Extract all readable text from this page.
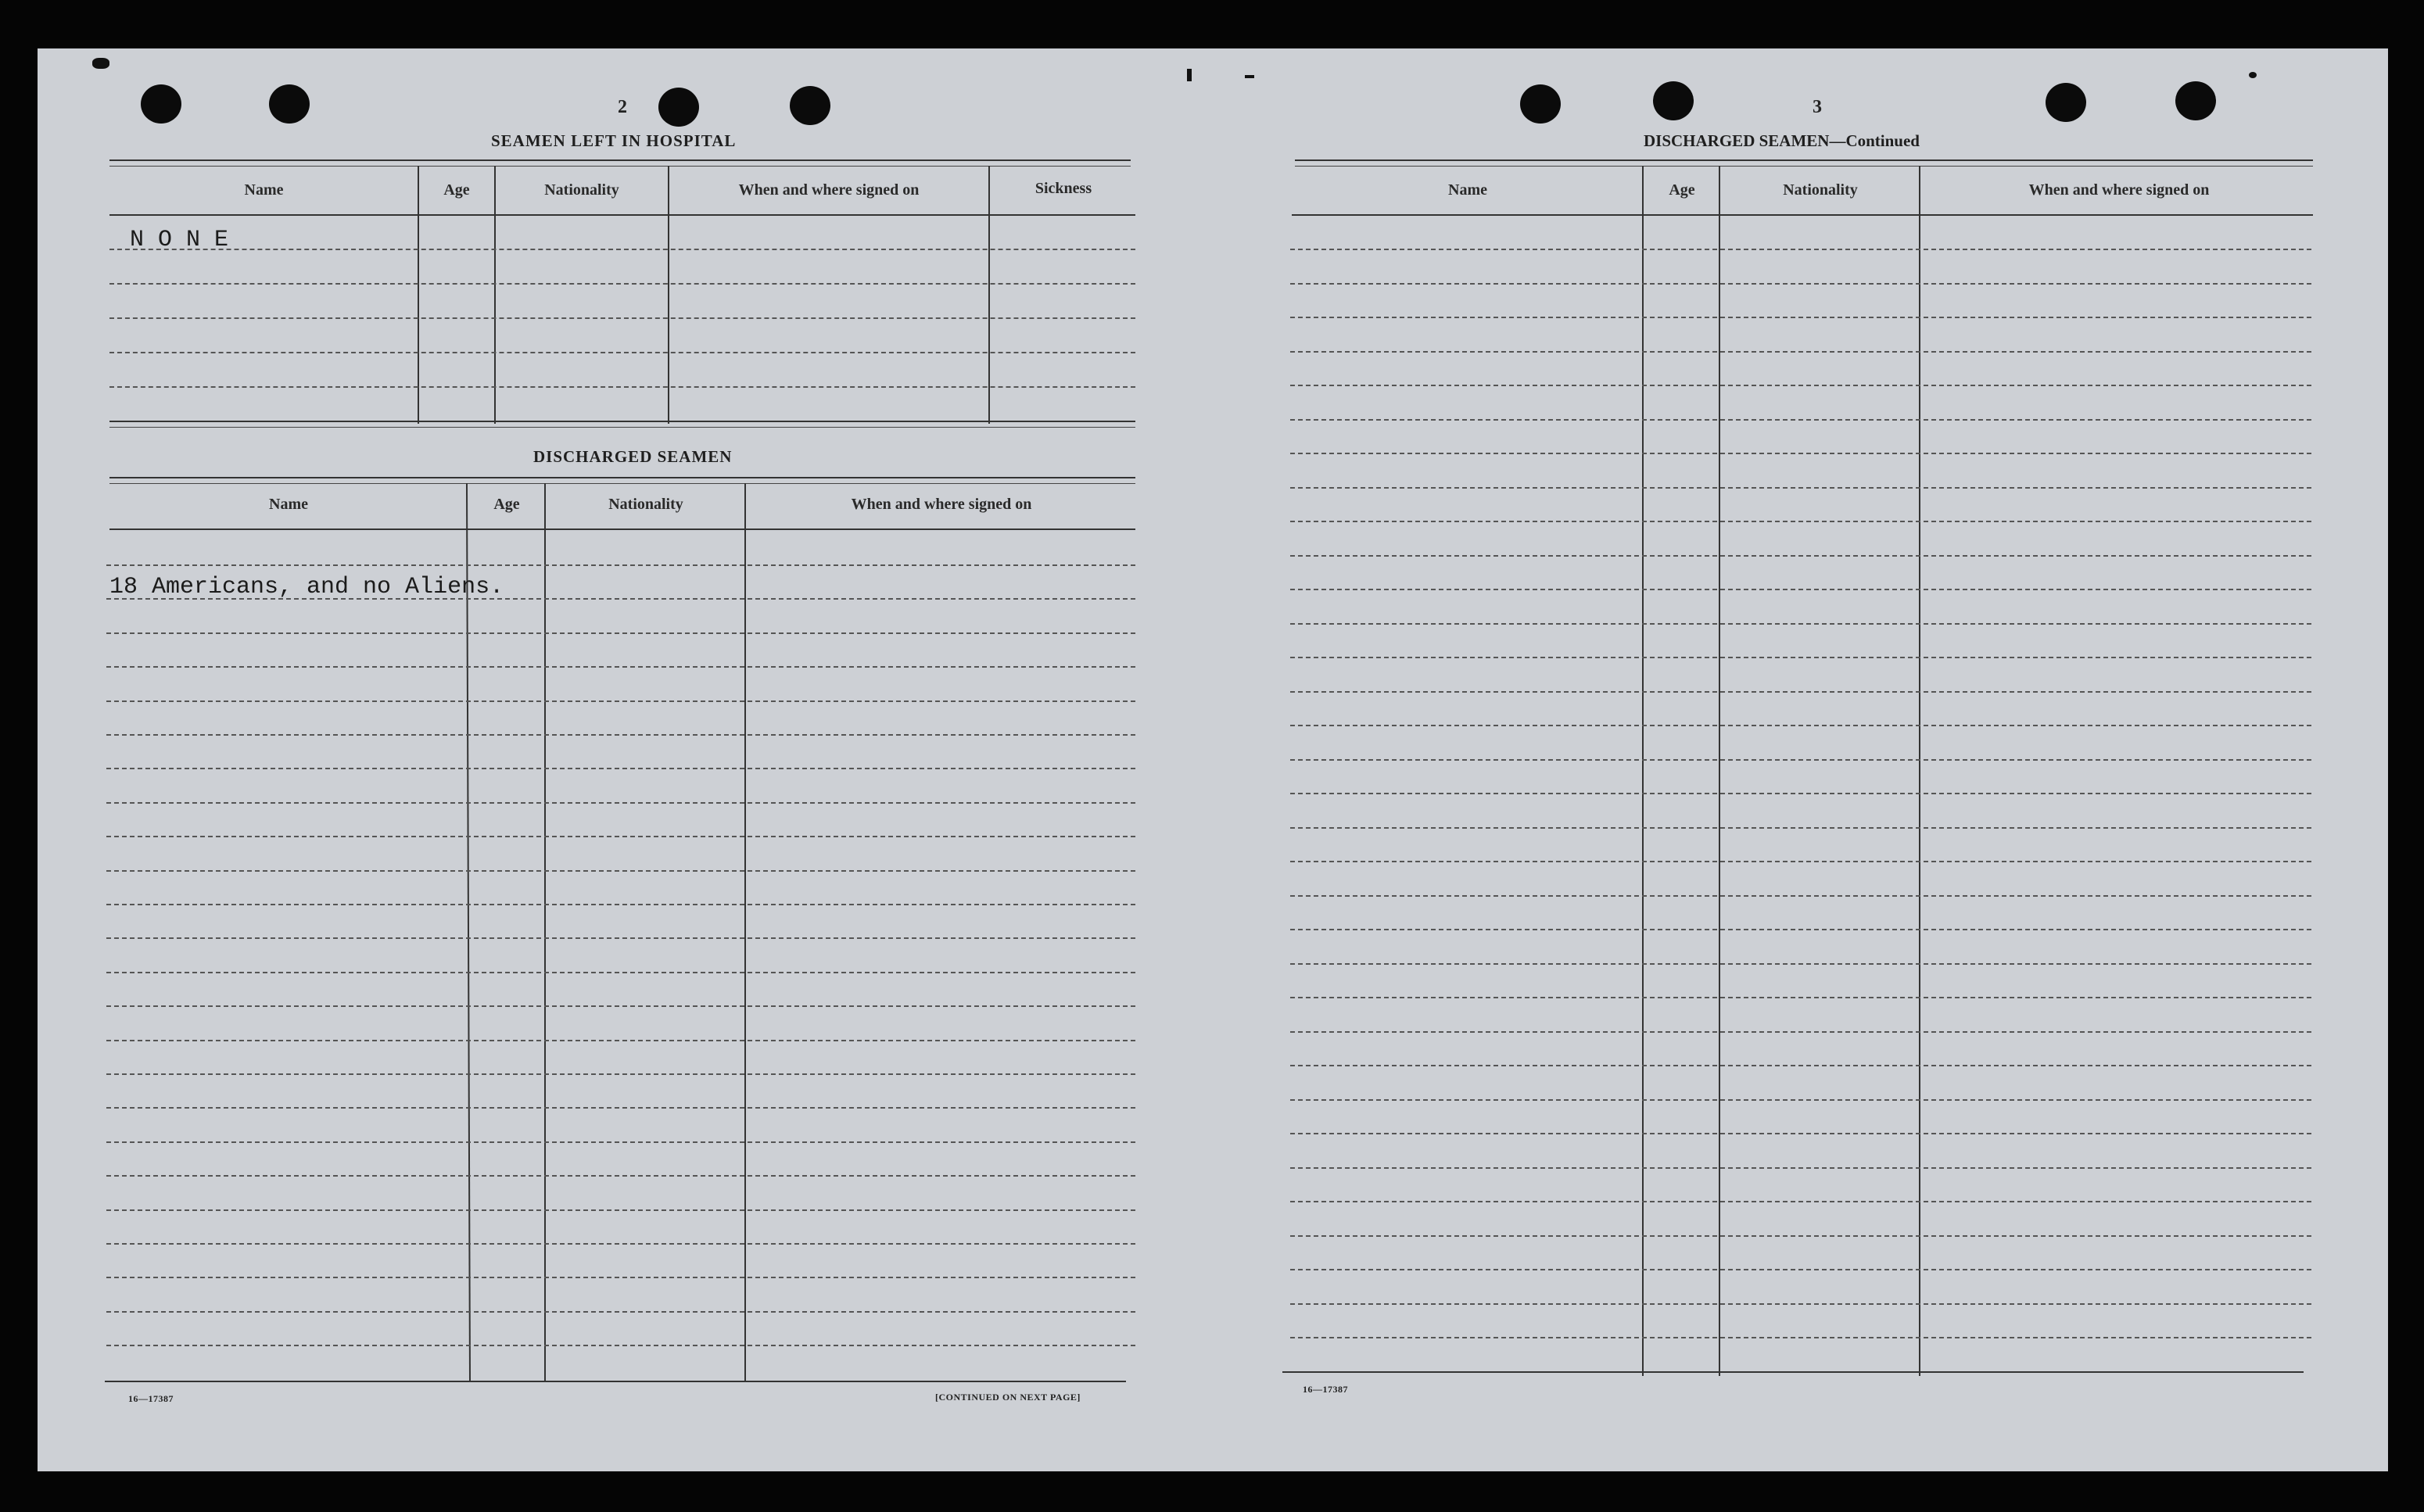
2
SEAMEN LEFT IN HOSPITAL
Name	Age	Nationality	When and where signed on	Sickness
N O N E
DISCHARGED SEAMEN
Name	Age	Nationality	When and where signed on
18 Americans, and no Aliens.
16—17387	[CONTINUED ON NEXT PAGE]
3
DISCHARGED SEAMEN—Continued
Name	Age	Nationality	When and where signed on
16—17387
